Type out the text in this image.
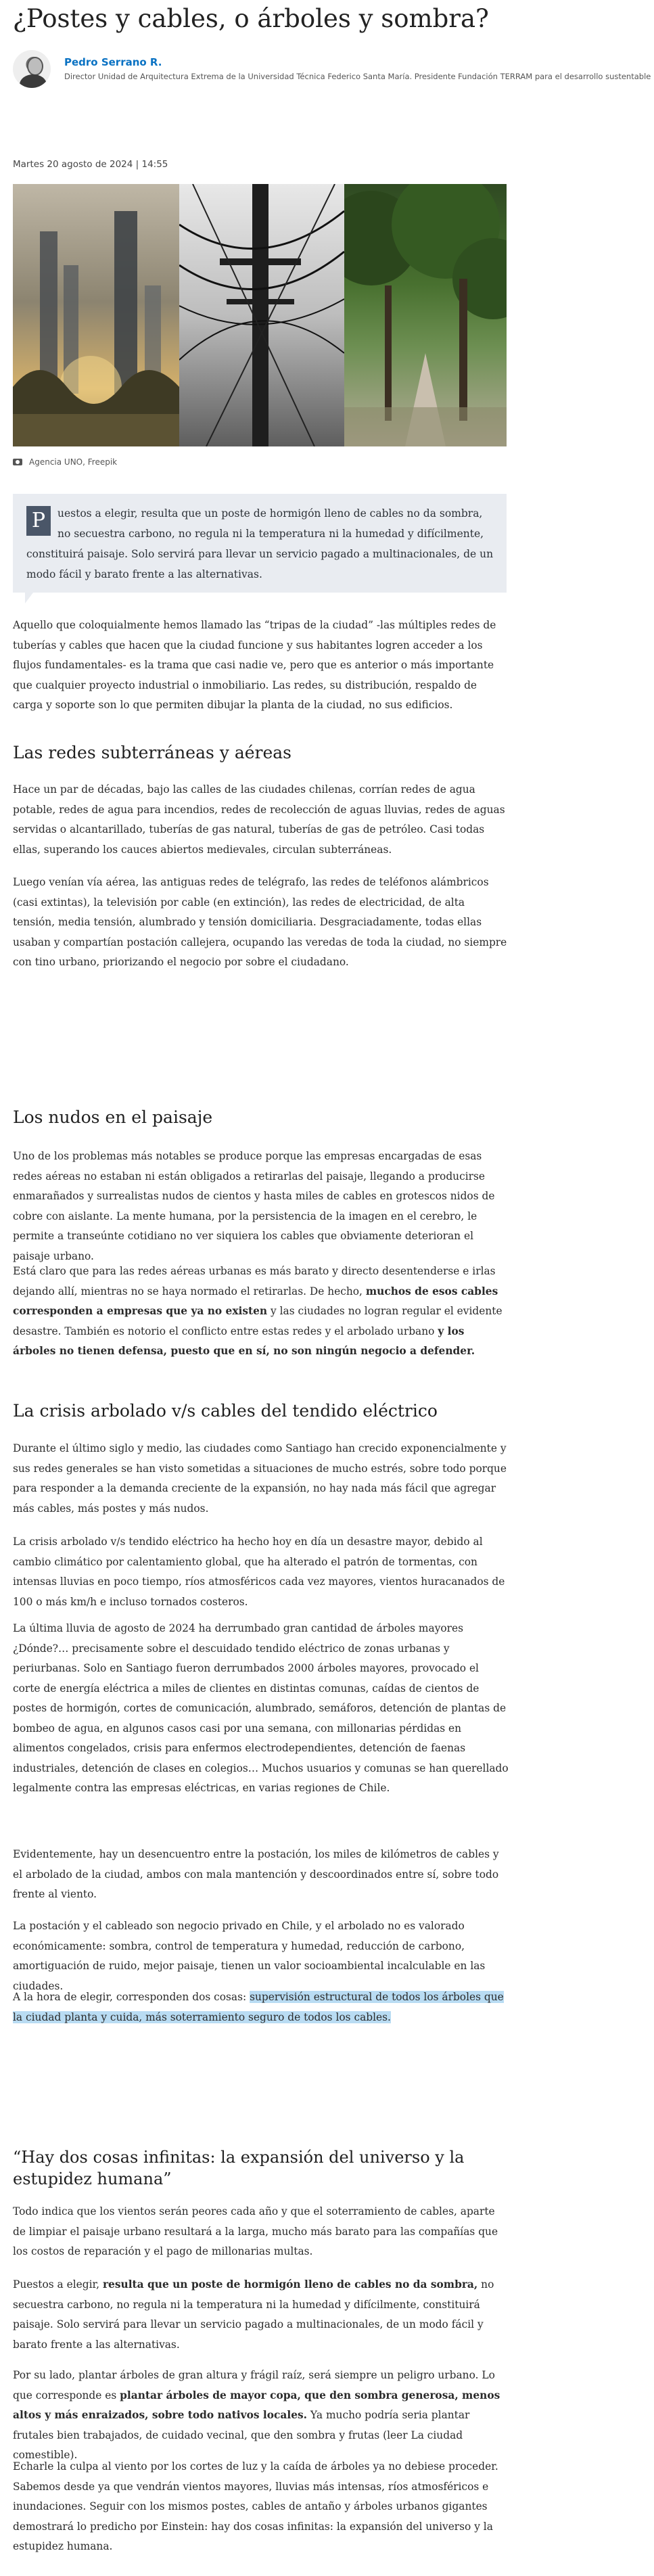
¿Postes y cables, o árboles y sombra?

Pedro Serrano R.

Director Unidad de Arquitectura Extrema de la Universidad Técnica Federico Santa María. Presidente Fundación TERRAM para el desarrollo sustentable

Martes 20 agosto de 2024 | 14:55
Agencia UNO, Freepik

P	uestos a elegir, resulta que un poste de hormigón lleno de cables no da sombra, no secuestra carbono, no regula ni la temperatura ni la humedad y difícilmente, constituirá paisaje. Solo servirá para llevar un servicio pagado a multinacionales, de un modo fácil y barato frente a las alternativas.

Aquello que coloquialmente hemos llamado las “tripas de la ciudad” -las múltiples redes de tuberías y cables que hacen que la ciudad funcione y sus habitantes logren acceder a los flujos fundamentales- es la trama que casi nadie ve, pero que es anterior o más importante que cualquier proyecto industrial o inmobiliario. Las redes, su distribución, respaldo de carga y soporte son lo que permiten dibujar la planta de la ciudad, no sus edificios.

Las redes subterráneas y aéreas

Hace un par de décadas, bajo las calles de las ciudades chilenas, corrían redes de agua potable, redes de agua para incendios, redes de recolección de aguas lluvias, redes de aguas servidas o alcantarillado, tuberías de gas natural, tuberías de gas de petróleo. Casi todas ellas, superando los cauces abiertos medievales, circulan subterráneas.

Luego venían vía aérea, las antiguas redes de telégrafo, las redes de teléfonos alámbricos (casi extintas), la televisión por cable (en extinción), las redes de electricidad, de alta tensión, media tensión, alumbrado y tensión domiciliaria. Desgraciadamente, todas ellas usaban y compartían postación callejera, ocupando las veredas de toda la ciudad, no siempre con tino urbano, priorizando el negocio por sobre el ciudadano.

Los nudos en el paisaje

Uno de los problemas más notables se produce porque las empresas encargadas de esas redes aéreas no estaban ni están obligados a retirarlas del paisaje, llegando a producirse enmarañados y surrealistas nudos de cientos y hasta miles de cables en grotescos nidos de cobre con aislante. La mente humana, por la persistencia de la imagen en el cerebro, le permite a transeúnte cotidiano no ver siquiera los cables que obviamente deterioran el paisaje urbano.

Está claro que para las redes aéreas urbanas es más barato y directo desentenderse e irlas dejando allí, mientras no se haya normado el retirarlas. De hecho, muchos de esos cables corresponden a empresas que ya no existen y las ciudades no logran regular el evidente desastre. También es notorio el conflicto entre estas redes y el arbolado urbano y los árboles no tienen defensa, puesto que en sí, no son ningún negocio a defender.

La crisis arbolado v/s cables del tendido eléctrico

Durante el último siglo y medio, las ciudades como Santiago han crecido exponencialmente y sus redes generales se han visto sometidas a situaciones de mucho estrés, sobre todo porque para responder a la demanda creciente de la expansión, no hay nada más fácil que agregar más cables, más postes y más nudos.

La crisis arbolado v/s tendido eléctrico ha hecho hoy en día un desastre mayor, debido al cambio climático por calentamiento global, que ha alterado el patrón de tormentas, con intensas lluvias en poco tiempo, ríos atmosféricos cada vez mayores, vientos huracanados de 100 o más km/h e incluso tornados costeros.

La última lluvia de agosto de 2024 ha derrumbado gran cantidad de árboles mayores ¿Dónde?… precisamente sobre el descuidado tendido eléctrico de zonas urbanas y periurbanas. Solo en Santiago fueron derrumbados 2000 árboles mayores, provocado el corte de energía eléctrica a miles de clientes en distintas comunas, caídas de cientos de postes de hormigón, cortes de comunicación, alumbrado, semáforos, detención de plantas de bombeo de agua, en algunos casos casi por una semana, con millonarias pérdidas en alimentos congelados, crisis para enfermos electrodependientes, detención de faenas industriales, detención de clases en colegios… Muchos usuarios y comunas se han querellado legalmente contra las empresas eléctricas, en varias regiones de Chile.

Evidentemente, hay un desencuentro entre la postación, los miles de kilómetros de cables y el arbolado de la ciudad, ambos con mala mantención y descoordinados entre sí, sobre todo frente al viento.

La postación y el cableado son negocio privado en Chile, y el arbolado no es valorado económicamente: sombra, control de temperatura y humedad, reducción de carbono, amortiguación de ruido, mejor paisaje, tienen un valor socioambiental incalculable en las ciudades.

A la hora de elegir, corresponden dos cosas: supervisión estructural de todos los árboles que la ciudad planta y cuida, más soterramiento seguro de todos los cables.

“Hay dos cosas infinitas: la expansión del universo y la estupidez humana”

Todo indica que los vientos serán peores cada año y que el soterramiento de cables, aparte de limpiar el paisaje urbano resultará a la larga, mucho más barato para las compañías que los costos de reparación y el pago de millonarias multas.

Puestos a elegir, resulta que un poste de hormigón lleno de cables no da sombra, no secuestra carbono, no regula ni la temperatura ni la humedad y difícilmente, constituirá paisaje. Solo servirá para llevar un servicio pagado a multinacionales, de un modo fácil y barato frente a las alternativas.

Por su lado, plantar árboles de gran altura y frágil raíz, será siempre un peligro urbano. Lo que corresponde es plantar árboles de mayor copa, que den sombra generosa, menos altos y más enraizados, sobre todo nativos locales. Ya mucho podría seria plantar frutales bien trabajados, de cuidado vecinal, que den sombra y frutas (leer La ciudad comestible).

Echarle la culpa al viento por los cortes de luz y la caída de árboles ya no debiese proceder. Sabemos desde ya que vendrán vientos mayores, lluvias más intensas, ríos atmosféricos e inundaciones. Seguir con los mismos postes, cables de antaño y árboles urbanos gigantes demostrará lo predicho por Einstein: hay dos cosas infinitas: la expansión del universo y la estupidez humana.
